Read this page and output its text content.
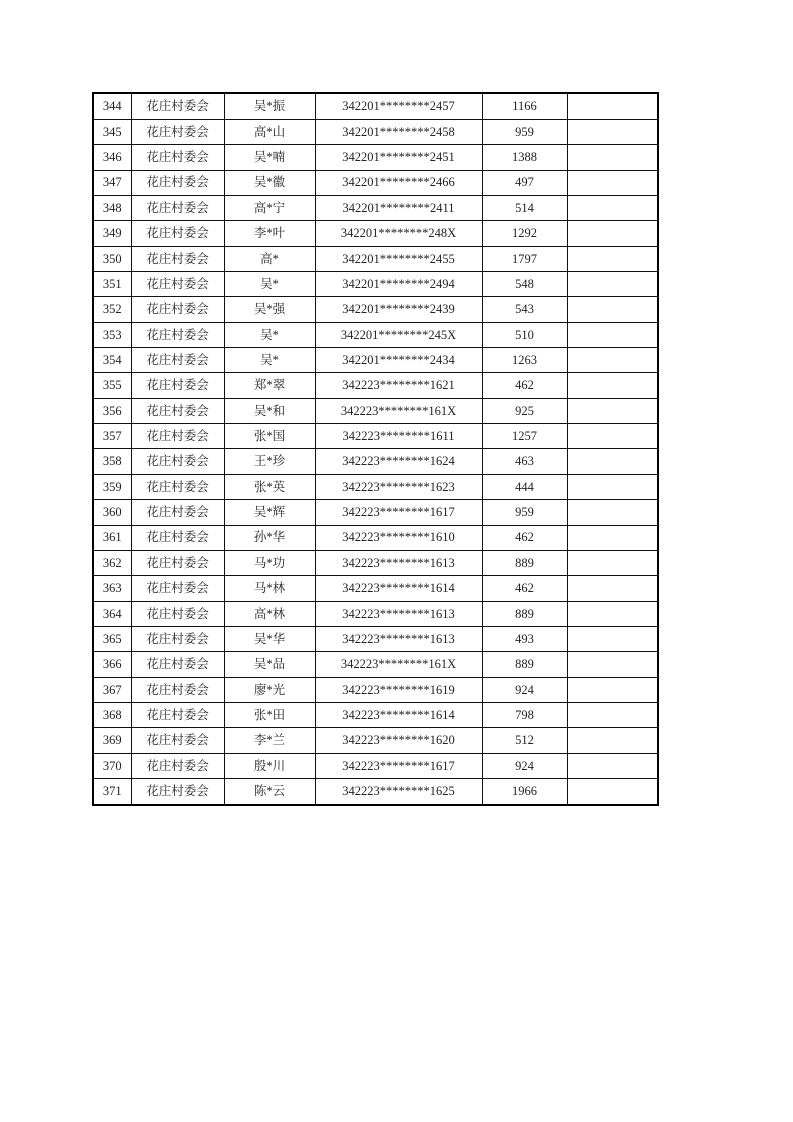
344	花庄村委会	吴*振	342201********2457	1166	
345	花庄村委会	高*山	342201********2458	959	
346	花庄村委会	吴*喃	342201********2451	1388	
347	花庄村委会	吴*徽	342201********2466	497	
348	花庄村委会	高*宁	342201********2411	514	
349	花庄村委会	李*叶	342201********248X	1292	
350	花庄村委会	高*	342201********2455	1797	
351	花庄村委会	吴*	342201********2494	548	
352	花庄村委会	吴*强	342201********2439	543	
353	花庄村委会	吴*	342201********245X	510	
354	花庄村委会	吴*	342201********2434	1263	
355	花庄村委会	郑*翠	342223********1621	462	
356	花庄村委会	吴*和	342223********161X	925	
357	花庄村委会	张*国	342223********1611	1257	
358	花庄村委会	王*珍	342223********1624	463	
359	花庄村委会	张*英	342223********1623	444	
360	花庄村委会	吴*辉	342223********1617	959	
361	花庄村委会	孙*华	342223********1610	462	
362	花庄村委会	马*功	342223********1613	889	
363	花庄村委会	马*林	342223********1614	462	
364	花庄村委会	高*林	342223********1613	889	
365	花庄村委会	吴*华	342223********1613	493	
366	花庄村委会	吴*品	342223********161X	889	
367	花庄村委会	廖*光	342223********1619	924	
368	花庄村委会	张*田	342223********1614	798	
369	花庄村委会	李*兰	342223********1620	512	
370	花庄村委会	殷*川	342223********1617	924	
371	花庄村委会	陈*云	342223********1625	1966	
